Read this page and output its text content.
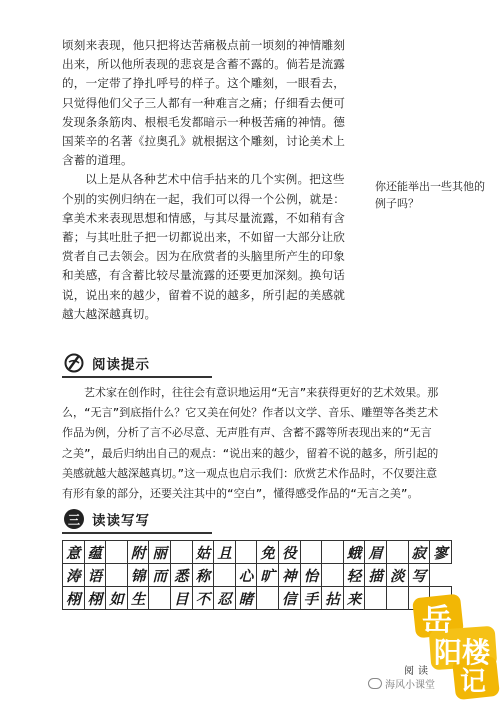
顷刻来表现，他只把将达苦痛极点前一顷刻的神情雕刻出来，所以他所表现的悲哀是含蓄不露的。倘若是流露的，一定带了挣扎呼号的样子。这个雕刻，一眼看去，只觉得他们父子三人都有一种难言之痛；仔细看去便可发现条条筋肉、根根毛发都暗示一种极苦痛的神情。德国莱辛的名著《拉奥孔》就根据这个雕刻，讨论美术上含蓄的道理。

以上是从各种艺术中信手拈来的几个实例。把这些个别的实例归纳在一起，我们可以得一个公例，就是：拿美术来表现思想和情感，与其尽量流露，不如稍有含蓄；与其吐肚子把一切都说出来，不如留一大部分让欣赏者自己去领会。因为在欣赏者的头脑里所产生的印象和美感，有含蓄比较尽量流露的还要更加深刻。换句话说，说出来的越少，留着不说的越多，所引起的美感就越大越深越真切。

你还能举出一些其他的例子吗？
阅读提示

艺术家在创作时，往往会有意识地运用“无言”来获得更好的艺术效果。那么，“无言”到底指什么？它又美在何处？作者以文学、音乐、雕塑等各类艺术作品为例，分析了言不必尽意、无声胜有声、含蓄不露等所表现出来的“无言之美”，最后归纳出自己的观点：“说出来的越少，留着不说的越多，所引起的美感就越大越深越真切。”这一观点也启示我们：欣赏艺术作品时，不仅要注意有形有象的部分，还要关注其中的“空白”，懂得感受作品的“无言之美”。

三 读读写写
意	蕴		附	丽		姑	且		免	役			蛾	眉		寂	寥
涛	语		锦	而	悉	称		心	旷	神	怡		轻	描	淡	写	
栩	栩	如	生		目	不	忍	睹		信	手	拈	来				
阅读
海风小课堂
岳
阳楼
记
